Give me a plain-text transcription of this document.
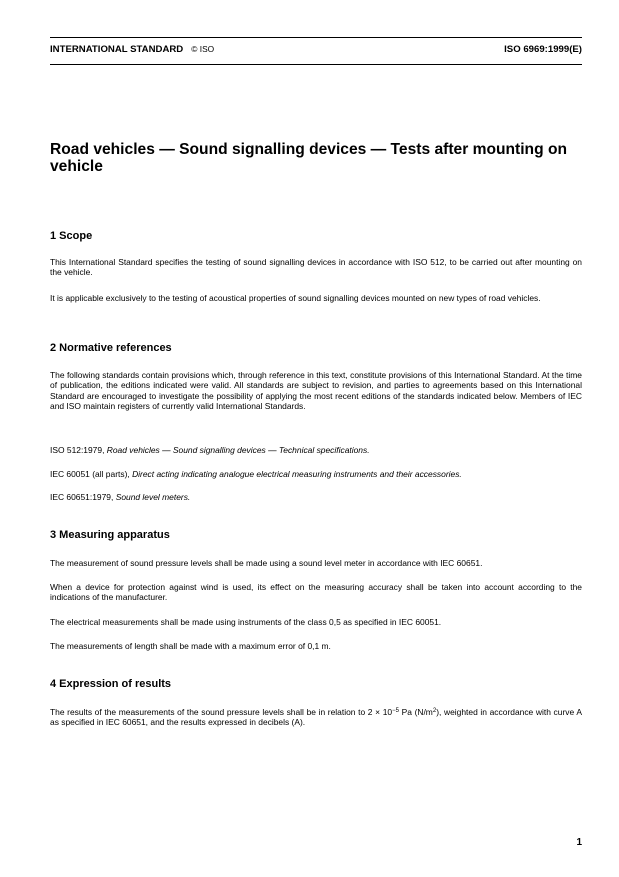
INTERNATIONAL STANDARD © ISO	ISO 6969:1999(E)
Road vehicles — Sound signalling devices — Tests after mounting on vehicle
1 Scope

This International Standard specifies the testing of sound signalling devices in accordance with ISO 512, to be carried out after mounting on the vehicle.

It is applicable exclusively to the testing of acoustical properties of sound signalling devices mounted on new types of road vehicles.

2 Normative references

The following standards contain provisions which, through reference in this text, constitute provisions of this International Standard. At the time of publication, the editions indicated were valid. All standards are subject to revision, and parties to agreements based on this International Standard are encouraged to investigate the possibility of applying the most recent editions of the standards indicated below. Members of IEC and ISO maintain registers of currently valid International Standards.

ISO 512:1979, Road vehicles — Sound signalling devices — Technical specifications.

IEC 60051 (all parts), Direct acting indicating analogue electrical measuring instruments and their accessories.

IEC 60651:1979, Sound level meters.

3 Measuring apparatus

The measurement of sound pressure levels shall be made using a sound level meter in accordance with IEC 60651.

When a device for protection against wind is used, its effect on the measuring accuracy shall be taken into account according to the indications of the manufacturer.

The electrical measurements shall be made using instruments of the class 0,5 as specified in IEC 60051.

The measurements of length shall be made with a maximum error of 0,1 m.

4 Expression of results

The results of the measurements of the sound pressure levels shall be in relation to $2 \times 10^{-5}$ Pa $(N/m^2)$, weighted in accordance with curve A as specified in IEC 60651, and the results expressed in decibels (A).

1
